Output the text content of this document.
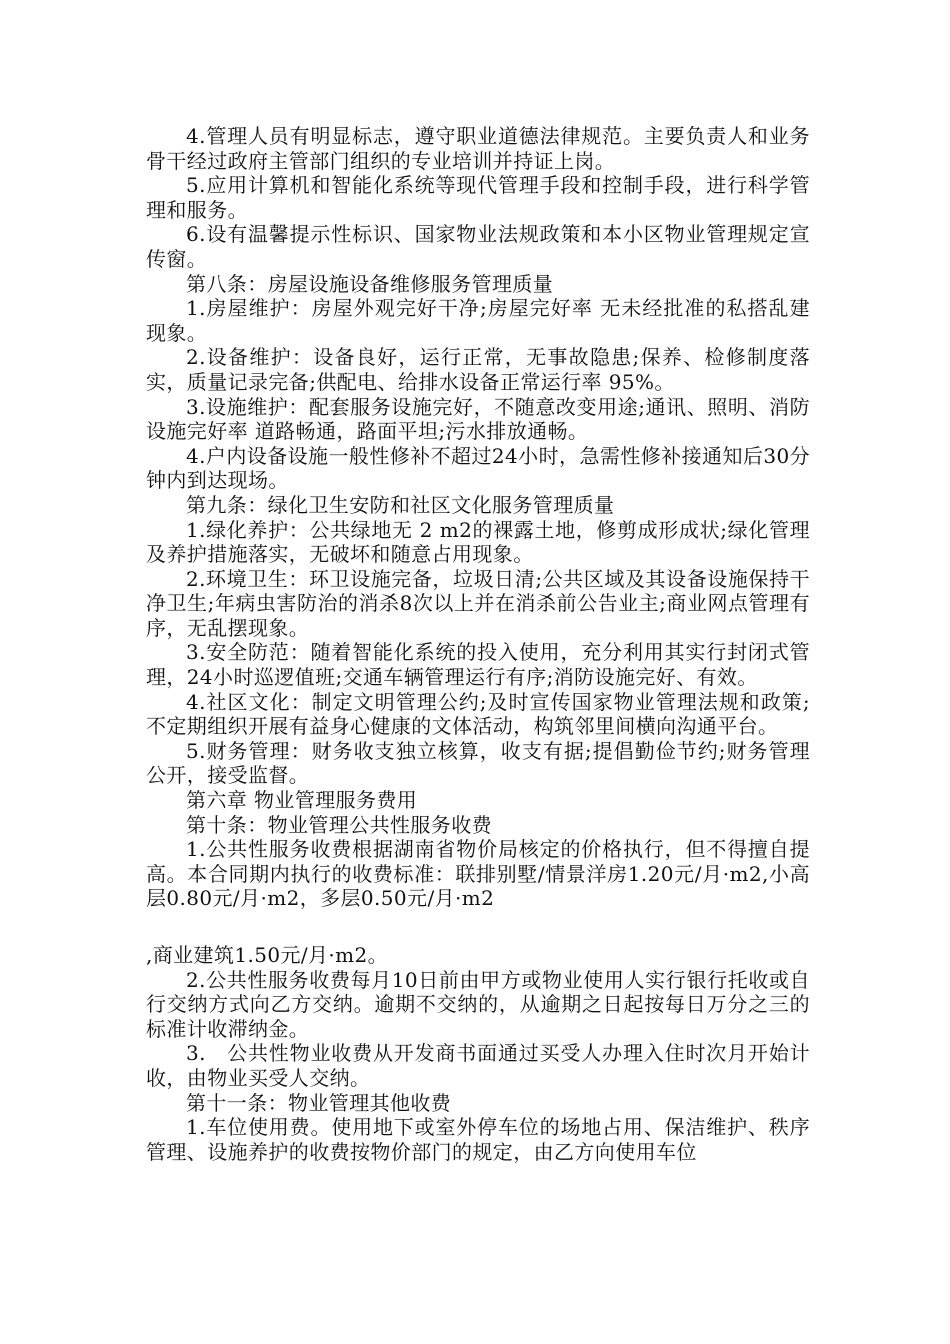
4.管理人员有明显标志，遵守职业道德法律规范。主要负责人和业务骨干经过政府主管部门组织的专业培训并持证上岗。

5.应用计算机和智能化系统等现代管理手段和控制手段，进行科学管理和服务。

6.设有温馨提示性标识、国家物业法规政策和本小区物业管理规定宣传窗。

第八条：房屋设施设备维修服务管理质量

1.房屋维护：房屋外观完好干净;房屋完好率 无未经批准的私搭乱建现象。

2.设备维护：设备良好，运行正常，无事故隐患;保养、检修制度落实，质量记录完备;供配电、给排水设备正常运行率 95%。

3.设施维护：配套服务设施完好，不随意改变用途;通讯、照明、消防设施完好率 道路畅通，路面平坦;污水排放通畅。

4.户内设备设施一般性修补不超过24小时，急需性修补接通知后30分钟内到达现场。

第九条：绿化卫生安防和社区文化服务管理质量

1.绿化养护：公共绿地无 2 m2的裸露土地，修剪成形成状;绿化管理及养护措施落实，无破坏和随意占用现象。

2.环境卫生：环卫设施完备，垃圾日清;公共区域及其设备设施保持干净卫生;年病虫害防治的消杀8次以上并在消杀前公告业主;商业网点管理有序，无乱摆现象。

3.安全防范：随着智能化系统的投入使用，充分利用其实行封闭式管理，24小时巡逻值班;交通车辆管理运行有序;消防设施完好、有效。

4.社区文化：制定文明管理公约;及时宣传国家物业管理法规和政策;不定期组织开展有益身心健康的文体活动，构筑邻里间横向沟通平台。

5.财务管理：财务收支独立核算，收支有据;提倡勤俭节约;财务管理公开，接受监督。

第六章 物业管理服务费用

第十条：物业管理公共性服务收费

1.公共性服务收费根据湖南省物价局核定的价格执行，但不得擅自提高。本合同期内执行的收费标准：联排别墅/情景洋房1.20元/月·m2,小高层0.80元/月·m2，多层0.50元/月·m2

,商业建筑1.50元/月·m2。

2.公共性服务收费每月10日前由甲方或物业使用人实行银行托收或自行交纳方式向乙方交纳。逾期不交纳的，从逾期之日起按每日万分之三的标准计收滞纳金。

3.　公共性物业收费从开发商书面通过买受人办理入住时次月开始计收，由物业买受人交纳。

第十一条：物业管理其他收费

1.车位使用费。使用地下或室外停车位的场地占用、保洁维护、秩序管理、设施养护的收费按物价部门的规定，由乙方向使用车位
